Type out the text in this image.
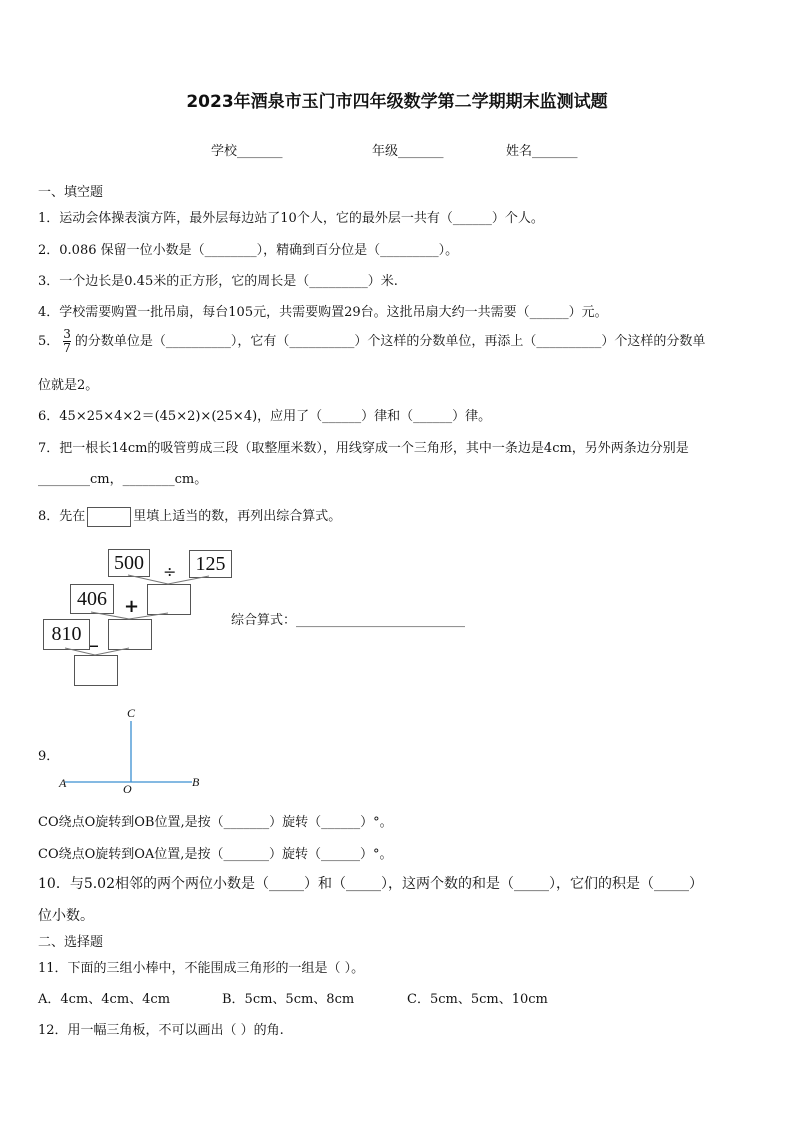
2023年酒泉市玉门市四年级数学第二学期期末监测试题
学校_______	年级_______	姓名_______
一、填空题
1．运动会体操表演方阵，最外层每边站了10个人，它的最外层一共有（______）个人。
2．0.086 保留一位小数是（________），精确到百分位是（_________）。
3．一个边长是0.45米的正方形，它的周长是（_________）米.
4．学校需要购置一批吊扇，每台105元，共需要购置29台。这批吊扇大约一共需要（______）元。
5． $\frac{3}{7}$ 的分数单位是（__________），它有（__________）个这样的分数单位，再添上（__________）个这样的分数单
位就是2。
6．45×25×4×2＝(45×2)×(25×4)，应用了（______）律和（______）律。
7．把一根长14cm的吸管剪成三段（取整厘米数），用线穿成一个三角形，其中一条边是4cm，另外两条边分别是
________cm，________cm。
8．先在	里填上适当的数，再列出综合算式。
500	÷ 125
406 +
810 _
综合算式：__________________________
9．
C
A	O	B
CO绕点O旋转到OB位置,是按（_______）旋转（______）°。
CO绕点O旋转到OA位置,是按（_______）旋转（______）°。
10．与5.02相邻的两个两位小数是（_____）和（_____），这两个数的和是（_____），它们的积是（_____）
位小数。
二、选择题
11．下面的三组小棒中，不能围成三角形的一组是（ ）。
A．4cm、4cm、4cm	B．5cm、5cm、8cm	C．5cm、5cm、10cm
12．用一幅三角板，不可以画出（ ）的角.
